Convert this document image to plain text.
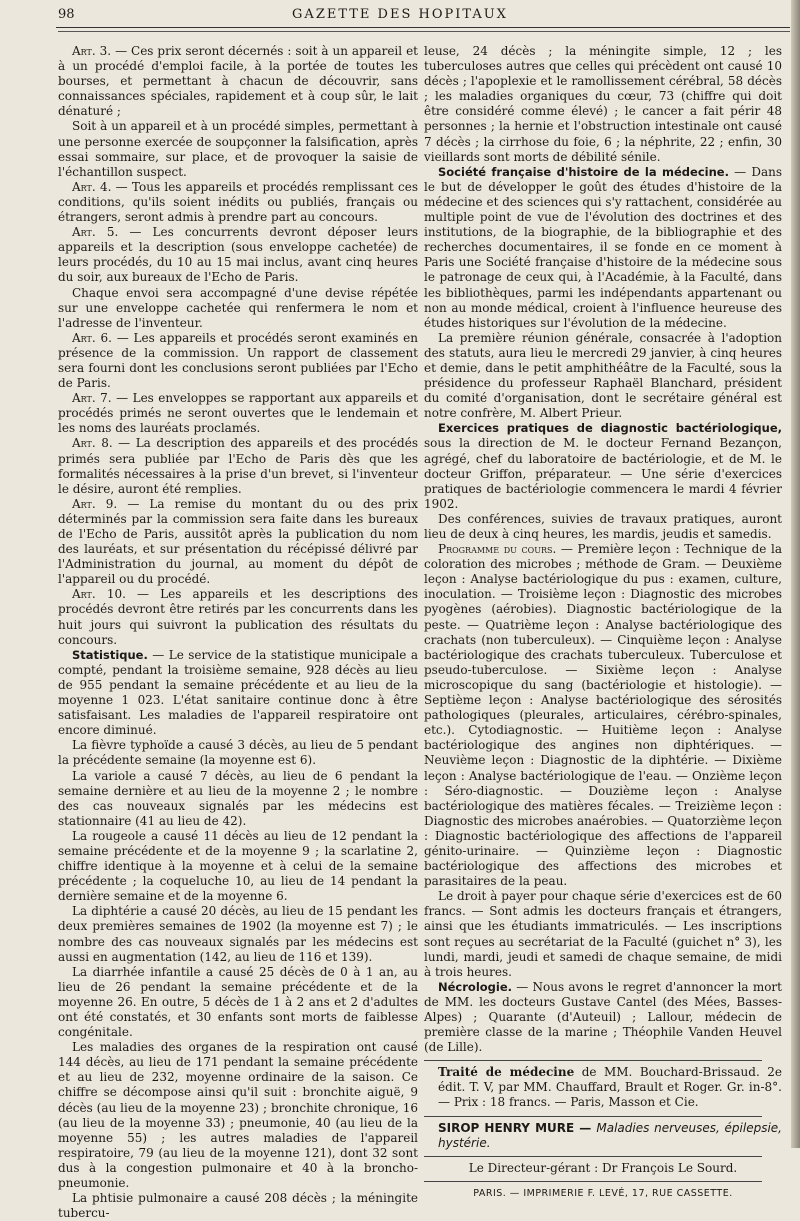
98	GAZETTE DES HOPITAUX

Art. 3. — Ces prix seront décernés : soit à un appareil et à un procédé d'emploi facile, à la portée de toutes les bourses, et permettant à chacun de découvrir, sans connaissances spéciales, rapidement et à coup sûr, le lait dénaturé ;

Soit à un appareil et à un procédé simples, permettant à une personne exercée de soupçonner la falsification, après essai sommaire, sur place, et de provoquer la saisie de l'échantillon suspect.

Art. 4. — Tous les appareils et procédés remplissant ces conditions, qu'ils soient inédits ou publiés, français ou étrangers, seront admis à prendre part au concours.

Art. 5. — Les concurrents devront déposer leurs appareils et la description (sous enveloppe cachetée) de leurs procédés, du 10 au 15 mai inclus, avant cinq heures du soir, aux bureaux de l'Echo de Paris.

Chaque envoi sera accompagné d'une devise répétée sur une enveloppe cachetée qui renfermera le nom et l'adresse de l'inventeur.

Art. 6. — Les appareils et procédés seront examinés en présence de la commission. Un rapport de classement sera fourni dont les conclusions seront publiées par l'Echo de Paris.

Art. 7. — Les enveloppes se rapportant aux appareils et procédés primés ne seront ouvertes que le lendemain et les noms des lauréats proclamés.

Art. 8. — La description des appareils et des procédés primés sera publiée par l'Echo de Paris dès que les formalités nécessaires à la prise d'un brevet, si l'inventeur le désire, auront été remplies.

Art. 9. — La remise du montant du ou des prix déterminés par la commission sera faite dans les bureaux de l'Echo de Paris, aussitôt après la publication du nom des lauréats, et sur présentation du récépissé délivré par l'Administration du journal, au moment du dépôt de l'appareil ou du procédé.

Art. 10. — Les appareils et les descriptions des procédés devront être retirés par les concurrents dans les huit jours qui suivront la publication des résultats du concours.

Statistique. — Le service de la statistique municipale a compté, pendant la troisième semaine, 928 décès au lieu de 955 pendant la semaine précédente et au lieu de la moyenne 1 023. L'état sanitaire continue donc à être satisfaisant. Les maladies de l'appareil respiratoire ont encore diminué.

La fièvre typhoïde a causé 3 décès, au lieu de 5 pendant la précédente semaine (la moyenne est 6).

La variole a causé 7 décès, au lieu de 6 pendant la semaine dernière et au lieu de la moyenne 2 ; le nombre des cas nouveaux signalés par les médecins est stationnaire (41 au lieu de 42).

La rougeole a causé 11 décès au lieu de 12 pendant la semaine précédente et de la moyenne 9 ; la scarlatine 2, chiffre identique à la moyenne et à celui de la semaine précédente ; la coqueluche 10, au lieu de 14 pendant la dernière semaine et de la moyenne 6.

La diphtérie a causé 20 décès, au lieu de 15 pendant les deux premières semaines de 1902 (la moyenne est 7) ; le nombre des cas nouveaux signalés par les médecins est aussi en augmentation (142, au lieu de 116 et 139).

La diarrhée infantile a causé 25 décès de 0 à 1 an, au lieu de 26 pendant la semaine précédente et de la moyenne 26. En outre, 5 décès de 1 à 2 ans et 2 d'adultes ont été constatés, et 30 enfants sont morts de faiblesse congénitale.

Les maladies des organes de la respiration ont causé 144 décès, au lieu de 171 pendant la semaine précédente et au lieu de 232, moyenne ordinaire de la saison. Ce chiffre se décompose ainsi qu'il suit : bronchite aiguë, 9 décès (au lieu de la moyenne 23) ; bronchite chronique, 16 (au lieu de la moyenne 33) ; pneumonie, 40 (au lieu de la moyenne 55) ; les autres maladies de l'appareil respiratoire, 79 (au lieu de la moyenne 121), dont 32 sont dus à la congestion pulmonaire et 40 à la broncho-pneumonie.

La phtisie pulmonaire a causé 208 décès ; la méningite tubercu-

leuse, 24 décès ; la méningite simple, 12 ; les tuberculoses autres que celles qui précèdent ont causé 10 décès ; l'apoplexie et le ramollissement cérébral, 58 décès ; les maladies organiques du cœur, 73 (chiffre qui doit être considéré comme élevé) ; le cancer a fait périr 48 personnes ; la hernie et l'obstruction intestinale ont causé 7 décès ; la cirrhose du foie, 6 ; la néphrite, 22 ; enfin, 30 vieillards sont morts de débilité sénile.

Société française d'histoire de la médecine. — Dans le but de développer le goût des études d'histoire de la médecine et des sciences qui s'y rattachent, considérée au multiple point de vue de l'évolution des doctrines et des institutions, de la biographie, de la bibliographie et des recherches documentaires, il se fonde en ce moment à Paris une Société française d'histoire de la médecine sous le patronage de ceux qui, à l'Académie, à la Faculté, dans les bibliothèques, parmi les indépendants appartenant ou non au monde médical, croient à l'influence heureuse des études historiques sur l'évolution de la médecine.

La première réunion générale, consacrée à l'adoption des statuts, aura lieu le mercredi 29 janvier, à cinq heures et demie, dans le petit amphithéâtre de la Faculté, sous la présidence du professeur Raphaël Blanchard, président du comité d'organisation, dont le secrétaire général est notre confrère, M. Albert Prieur.

Exercices pratiques de diagnostic bactériologique, sous la direction de M. le docteur Fernand Bezançon, agrégé, chef du laboratoire de bactériologie, et de M. le docteur Griffon, préparateur. — Une série d'exercices pratiques de bactériologie commencera le mardi 4 février 1902.

Des conférences, suivies de travaux pratiques, auront lieu de deux à cinq heures, les mardis, jeudis et samedis.

Programme du cours. — Première leçon : Technique de la coloration des microbes ; méthode de Gram. — Deuxième leçon : Analyse bactériologique du pus : examen, culture, inoculation. — Troisième leçon : Diagnostic des microbes pyogènes (aérobies). Diagnostic bactériologique de la peste. — Quatrième leçon : Analyse bactériologique des crachats (non tuberculeux). — Cinquième leçon : Analyse bactériologique des crachats tuberculeux. Tuberculose et pseudo-tuberculose. — Sixième leçon : Analyse microscopique du sang (bactériologie et histologie). — Septième leçon : Analyse bactériologique des sérosités pathologiques (pleurales, articulaires, cérébro-spinales, etc.). Cytodiagnostic. — Huitième leçon : Analyse bactériologique des angines non diphtériques. — Neuvième leçon : Diagnostic de la diphtérie. — Dixième leçon : Analyse bactériologique de l'eau. — Onzième leçon : Séro-diagnostic. — Douzième leçon : Analyse bactériologique des matières fécales. — Treizième leçon : Diagnostic des microbes anaérobies. — Quatorzième leçon : Diagnostic bactériologique des affections de l'appareil génito-urinaire. — Quinzième leçon : Diagnostic bactériologique des affections des microbes et parasitaires de la peau.

Le droit à payer pour chaque série d'exercices est de 60 francs. — Sont admis les docteurs français et étrangers, ainsi que les étudiants immatriculés. — Les inscriptions sont reçues au secrétariat de la Faculté (guichet n° 3), les lundi, mardi, jeudi et samedi de chaque semaine, de midi à trois heures.

Nécrologie. — Nous avons le regret d'annoncer la mort de MM. les docteurs Gustave Cantel (des Mées, Basses-Alpes) ; Quarante (d'Auteuil) ; Lallour, médecin de première classe de la marine ; Théophile Vanden Heuvel (de Lille).

Traité de médecine de MM. Bouchard-Brissaud. 2e édit. T. V, par MM. Chauffard, Brault et Roger. Gr. in-8°. — Prix : 18 francs. — Paris, Masson et Cie.

SIROP HENRY MURE — Maladies nerveuses, épilepsie, hystérie.

Le Directeur-gérant : Dr François Le Sourd.
PARIS. — IMPRIMERIE F. LEVÉ, 17, RUE CASSETTE.
